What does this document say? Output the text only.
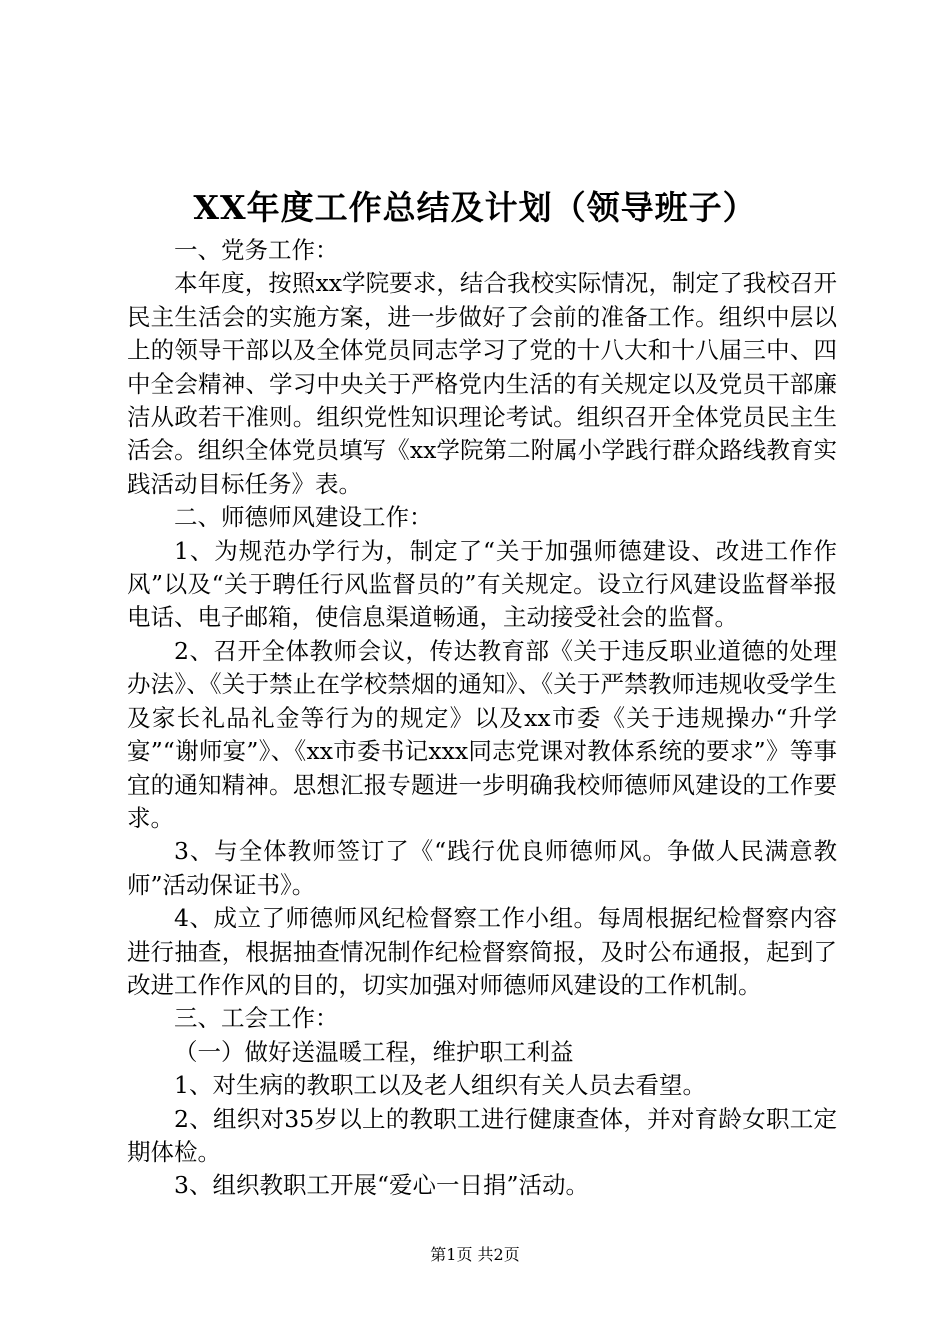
XX年度工作总结及计划（领导班子）

一、党务工作：

本年度，按照xx学院要求，结合我校实际情况，制定了我校召开民主生活会的实施方案，进一步做好了会前的准备工作。组织中层以上的领导干部以及全体党员同志学习了党的十八大和十八届三中、四中全会精神、学习中央关于严格党内生活的有关规定以及党员干部廉洁从政若干准则。组织党性知识理论考试。组织召开全体党员民主生活会。组织全体党员填写《xx学院第二附属小学践行群众路线教育实践活动目标任务》表。

二、师德师风建设工作：

1、为规范办学行为，制定了“关于加强师德建设、改进工作作风”以及“关于聘任行风监督员的”有关规定。设立行风建设监督举报电话、电子邮箱，使信息渠道畅通，主动接受社会的监督。

2、召开全体教师会议，传达教育部《关于违反职业道德的处理办法》、《关于禁止在学校禁烟的通知》、《关于严禁教师违规收受学生及家长礼品礼金等行为的规定》以及xx市委《关于违规操办“升学宴”“谢师宴”》、《xx市委书记xxx同志党课对教体系统的要求”》等事宜的通知精神。思想汇报专题进一步明确我校师德师风建设的工作要求。

3、与全体教师签订了《“践行优良师德师风。争做人民满意教师”活动保证书》。

4、成立了师德师风纪检督察工作小组。每周根据纪检督察内容进行抽查，根据抽查情况制作纪检督察简报，及时公布通报，起到了改进工作作风的目的，切实加强对师德师风建设的工作机制。

三、工会工作：

（一）做好送温暖工程，维护职工利益

1、对生病的教职工以及老人组织有关人员去看望。

2、组织对35岁以上的教职工进行健康查体，并对育龄女职工定期体检。

3、组织教职工开展“爱心一日捐”活动。

第1页 共2页
